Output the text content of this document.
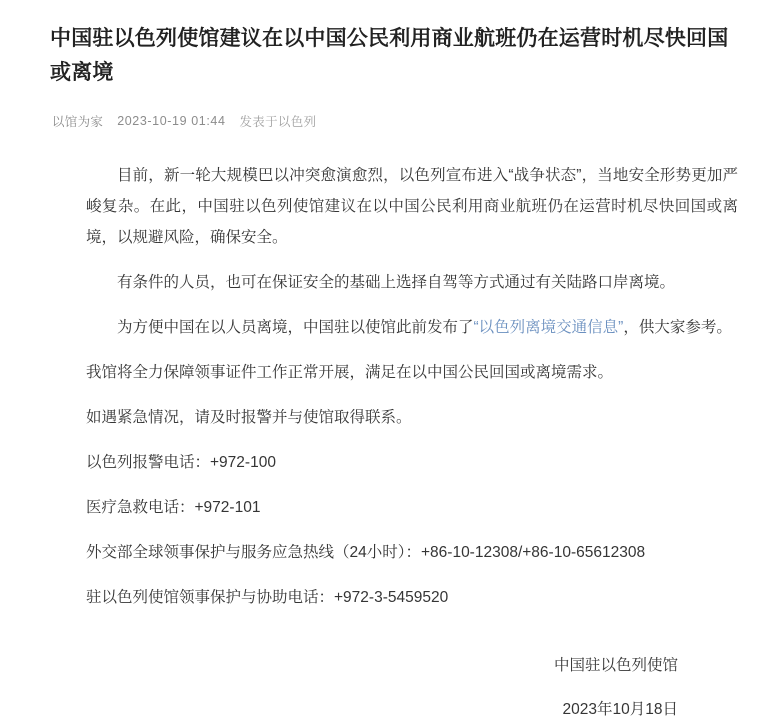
中国驻以色列使馆建议在以中国公民利用商业航班仍在运营时机尽快回国或离境
以馆为家 2023-10-19 01:44 发表于以色列

目前，新一轮大规模巴以冲突愈演愈烈，以色列宣布进入“战争状态”，当地安全形势更加严峻复杂。在此，中国驻以色列使馆建议在以中国公民利用商业航班仍在运营时机尽快回国或离境，以规避风险，确保安全。

有条件的人员，也可在保证安全的基础上选择自驾等方式通过有关陆路口岸离境。

为方便中国在以人员离境，中国驻以使馆此前发布了“以色列离境交通信息”，供大家参考。

我馆将全力保障领事证件工作正常开展，满足在以中国公民回国或离境需求。

如遇紧急情况，请及时报警并与使馆取得联系。

以色列报警电话：+972-100

医疗急救电话：+972-101

外交部全球领事保护与服务应急热线（24小时）：+86-10-12308/+86-10-65612308

驻以色列使馆领事保护与协助电话：+972-3-5459520

中国驻以色列使馆

2023年10月18日
